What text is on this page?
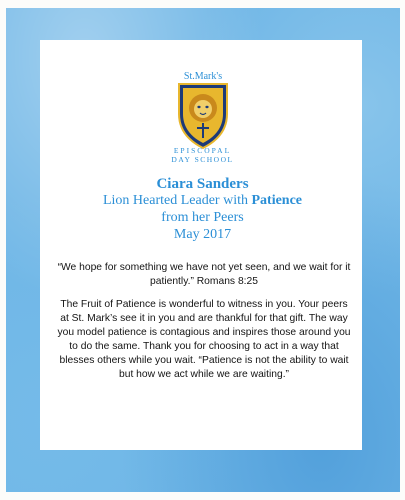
St.Mark's
EPISCOPAL
DAY SCHOOL
Ciara Sanders
Lion Hearted Leader with Patience
from her Peers
May 2017
“We hope for something we have not yet seen, and we wait for it patiently.” Romans 8:25
The Fruit of Patience is wonderful to witness in you. Your peers at St. Mark’s see it in you and are thankful for that gift. The way you model patience is contagious and inspires those around you to do the same. Thank you for choosing to act in a way that blesses others while you wait. “Patience is not the ability to wait but how we act while we are waiting.”
